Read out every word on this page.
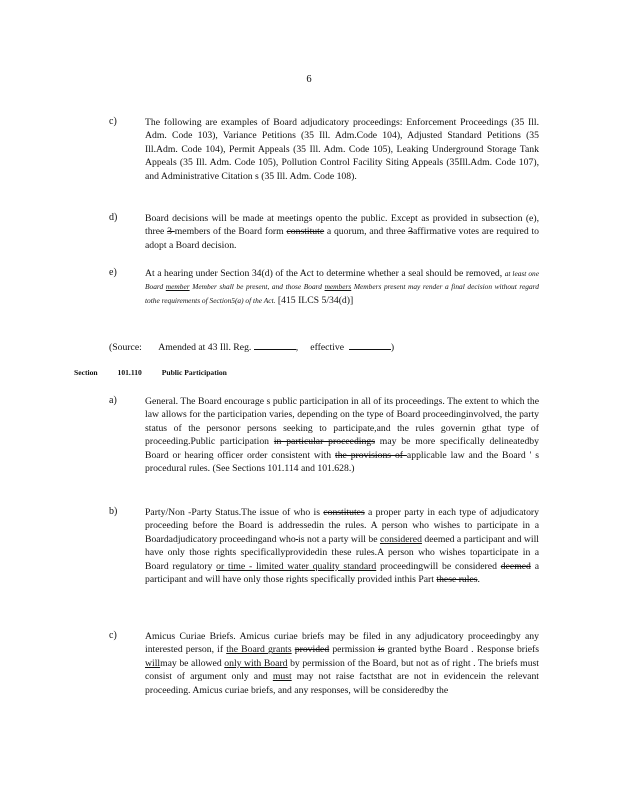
6
c)	The following are examples of Board adjudicatory proceedings: Enforcement Proceedings (35 Ill. Adm. Code 103), Variance Petitions (35 Ill. Adm.Code 104), Adjusted Standard Petitions (35 Ill.Adm. Code 104), Permit Appeals (35 Ill. Adm. Code 105), Leaking Underground Storage Tank Appeals (35 Ill. Adm. Code 105), Pollution Control Facility Siting Appeals (35Ill.Adm. Code 107), and Administrative Citation s (35 Ill. Adm. Code 108).

d)	Board decisions will be made at meetings opento the public. Except as provided in subsection (e), three 3 members of the Board form constitute a quorum, and three 3affirmative votes are required to adopt a Board decision.

e)	At a hearing under Section 34(d) of the Act to determine whether a seal should be removed, at least one Board member Member shall be present, and those Board members Members present may render a final decision without regard tothe requirements of Section5(a) of the Act. [415 ILCS 5/34(d)]

(Source: Amended at 43 Ill. Reg.	,     effective	)
Section	101.110	Public Participation
a)	General. The Board encourage s public participation in all of its proceedings. The extent to which the law allows for the participation varies, depending on the type of Board proceedinginvolved, the party status of the personor persons seeking to participate,and the rules governin gthat type of proceeding.Public participation in particular proceedings may be more specifically delineatedby Board or hearing officer order consistent with the provisions of applicable law and the Board ' s procedural rules. (See Sections 101.114 and 101.628.)

b)	Party/Non -Party Status.The issue of who is constitutes a proper party in each type of adjudicatory proceeding before the Board is addressedin the rules. A person who wishes to participate in a Boardadjudicatory proceedingand who is not a party will be considered deemed a participant and will have only those rights specificallyprovidedin these rules.A person who wishes toparticipate in a Board regulatory or time - limited water quality standard proceedingwill be considered deemed a participant and will have only those rights specifically provided inthis Part these rules.

c)	Amicus Curiae Briefs. Amicus curiae briefs may be filed in any adjudicatory proceedingby any interested person, if the Board grants provided permission is granted bythe Board . Response briefs willmay be allowed only with Board by permission of the Board, but not as of right . The briefs must consist of argument only and must may not raise factsthat are not in evidencein the relevant proceeding. Amicus curiae briefs, and any responses, will be consideredby the
